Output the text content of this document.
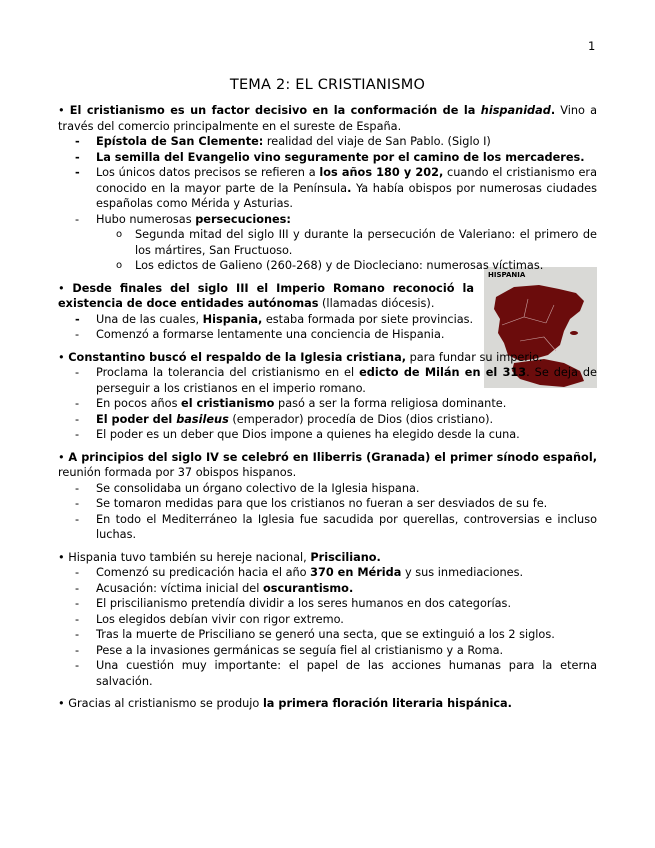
1
TEMA 2: EL CRISTIANISMO
HISPANIA
• El cristianismo es un factor decisivo en la conformación de la hispanidad. Vino a través del comercio principalmente en el sureste de España.
- Epístola de San Clemente: realidad del viaje de San Pablo. (Siglo I)
- La semilla del Evangelio vino seguramente por el camino de los mercaderes.
- Los únicos datos precisos se refieren a los años 180 y 202, cuando el cristianismo era conocido en la mayor parte de la Península. Ya había obispos por numerosas ciudades españolas como Mérida y Asturias.
- Hubo numerosas persecuciones:
o Segunda mitad del siglo III y durante la persecución de Valeriano: el primero de los mártires, San Fructuoso.
o Los edictos de Galieno (260-268) y de Diocleciano: numerosas víctimas.
• Desde finales del siglo III el Imperio Romano reconoció la existencia de doce entidades autónomas (llamadas diócesis).
- Una de las cuales, Hispania, estaba formada por siete provincias.
- Comenzó a formarse lentamente una conciencia de Hispania.
• Constantino buscó el respaldo de la Iglesia cristiana, para fundar su imperio.
- Proclama la tolerancia del cristianismo en el edicto de Milán en el 313. Se deja de perseguir a los cristianos en el imperio romano.
- En pocos años el cristianismo pasó a ser la forma religiosa dominante.
- El poder del basileus (emperador) procedía de Dios (dios cristiano).
- El poder es un deber que Dios impone a quienes ha elegido desde la cuna.
• A principios del siglo IV se celebró en Iliberris (Granada) el primer sínodo español, reunión formada por 37 obispos hispanos.
- Se consolidaba un órgano colectivo de la Iglesia hispana.
- Se tomaron medidas para que los cristianos no fueran a ser desviados de su fe.
- En todo el Mediterráneo la Iglesia fue sacudida por querellas, controversias e incluso luchas.
• Hispania tuvo también su hereje nacional, Prisciliano.
- Comenzó su predicación hacia el año 370 en Mérida y sus inmediaciones.
- Acusación: víctima inicial del oscurantismo.
- El priscilianismo pretendía dividir a los seres humanos en dos categorías.
- Los elegidos debían vivir con rigor extremo.
- Tras la muerte de Prisciliano se generó una secta, que se extinguió a los 2 siglos.
- Pese a la invasiones germánicas se seguía fiel al cristianismo y a Roma.
- Una cuestión muy importante: el papel de las acciones humanas para la eterna salvación.
• Gracias al cristianismo se produjo la primera floración literaria hispánica.
